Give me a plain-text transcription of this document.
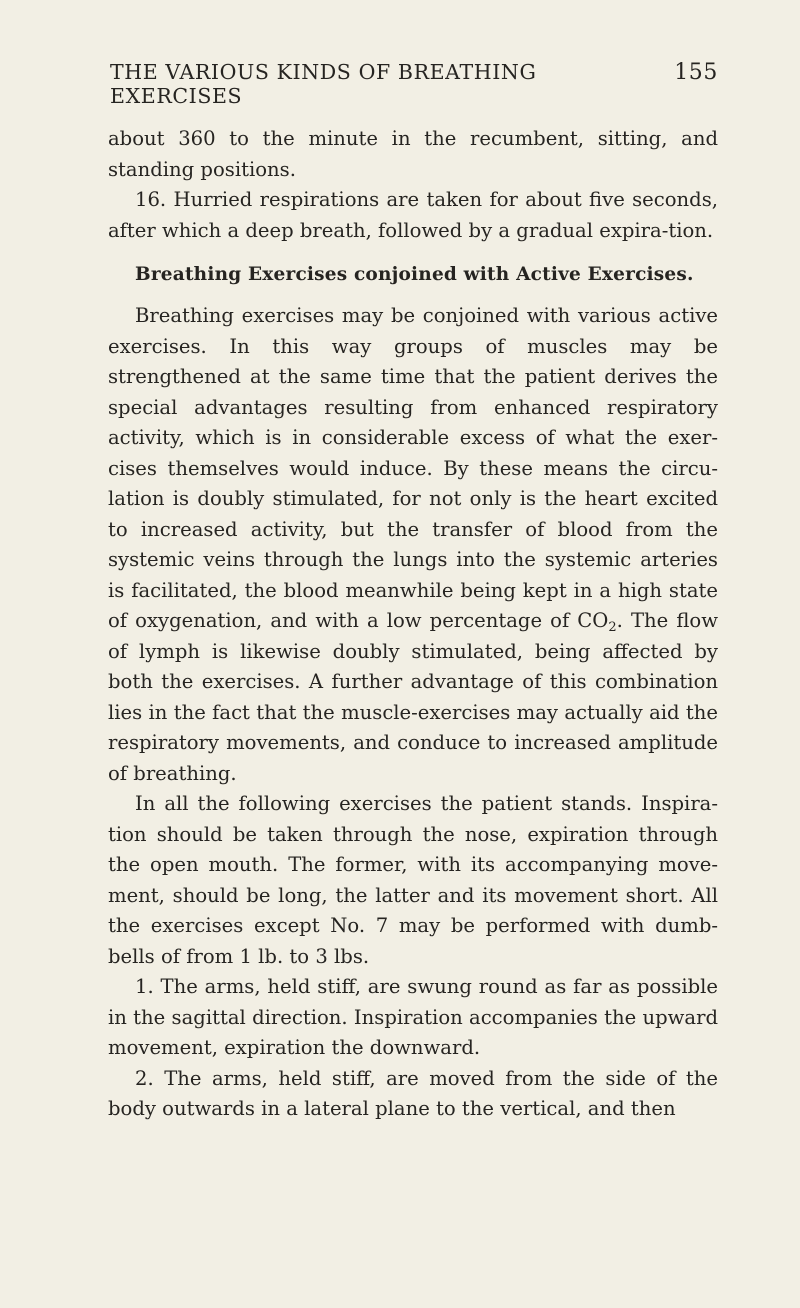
THE VARIOUS KINDS OF BREATHING EXERCISES
155

about 360 to the minute in the recumbent, sitting, and standing positions.

16. Hurried respirations are taken for about five seconds, after which a deep breath, followed by a gradual expira-tion.

Breathing Exercises conjoined with Active Exercises.

Breathing exercises may be conjoined with various active exercises. In this way groups of muscles may be strengthened at the same time that the patient derives the special advantages resulting from enhanced respiratory activity, which is in considerable excess of what the exer-cises themselves would induce. By these means the circu-lation is doubly stimulated, for not only is the heart excited to increased activity, but the transfer of blood from the systemic veins through the lungs into the systemic arteries is facilitated, the blood meanwhile being kept in a high state of oxygenation, and with a low percentage of $CO_2$. The flow of lymph is likewise doubly stimulated, being affected by both the exercises. A further advantage of this combination lies in the fact that the muscle-exercises may actually aid the respiratory movements, and conduce to increased amplitude of breathing.

In all the following exercises the patient stands. Inspira-tion should be taken through the nose, expiration through the open mouth. The former, with its accompanying move-ment, should be long, the latter and its movement short. All the exercises except No. 7 may be performed with dumb-bells of from 1 lb. to 3 lbs.

1. The arms, held stiff, are swung round as far as possible in the sagittal direction. Inspiration accompanies the upward movement, expiration the downward.

2. The arms, held stiff, are moved from the side of the body outwards in a lateral plane to the vertical, and then
